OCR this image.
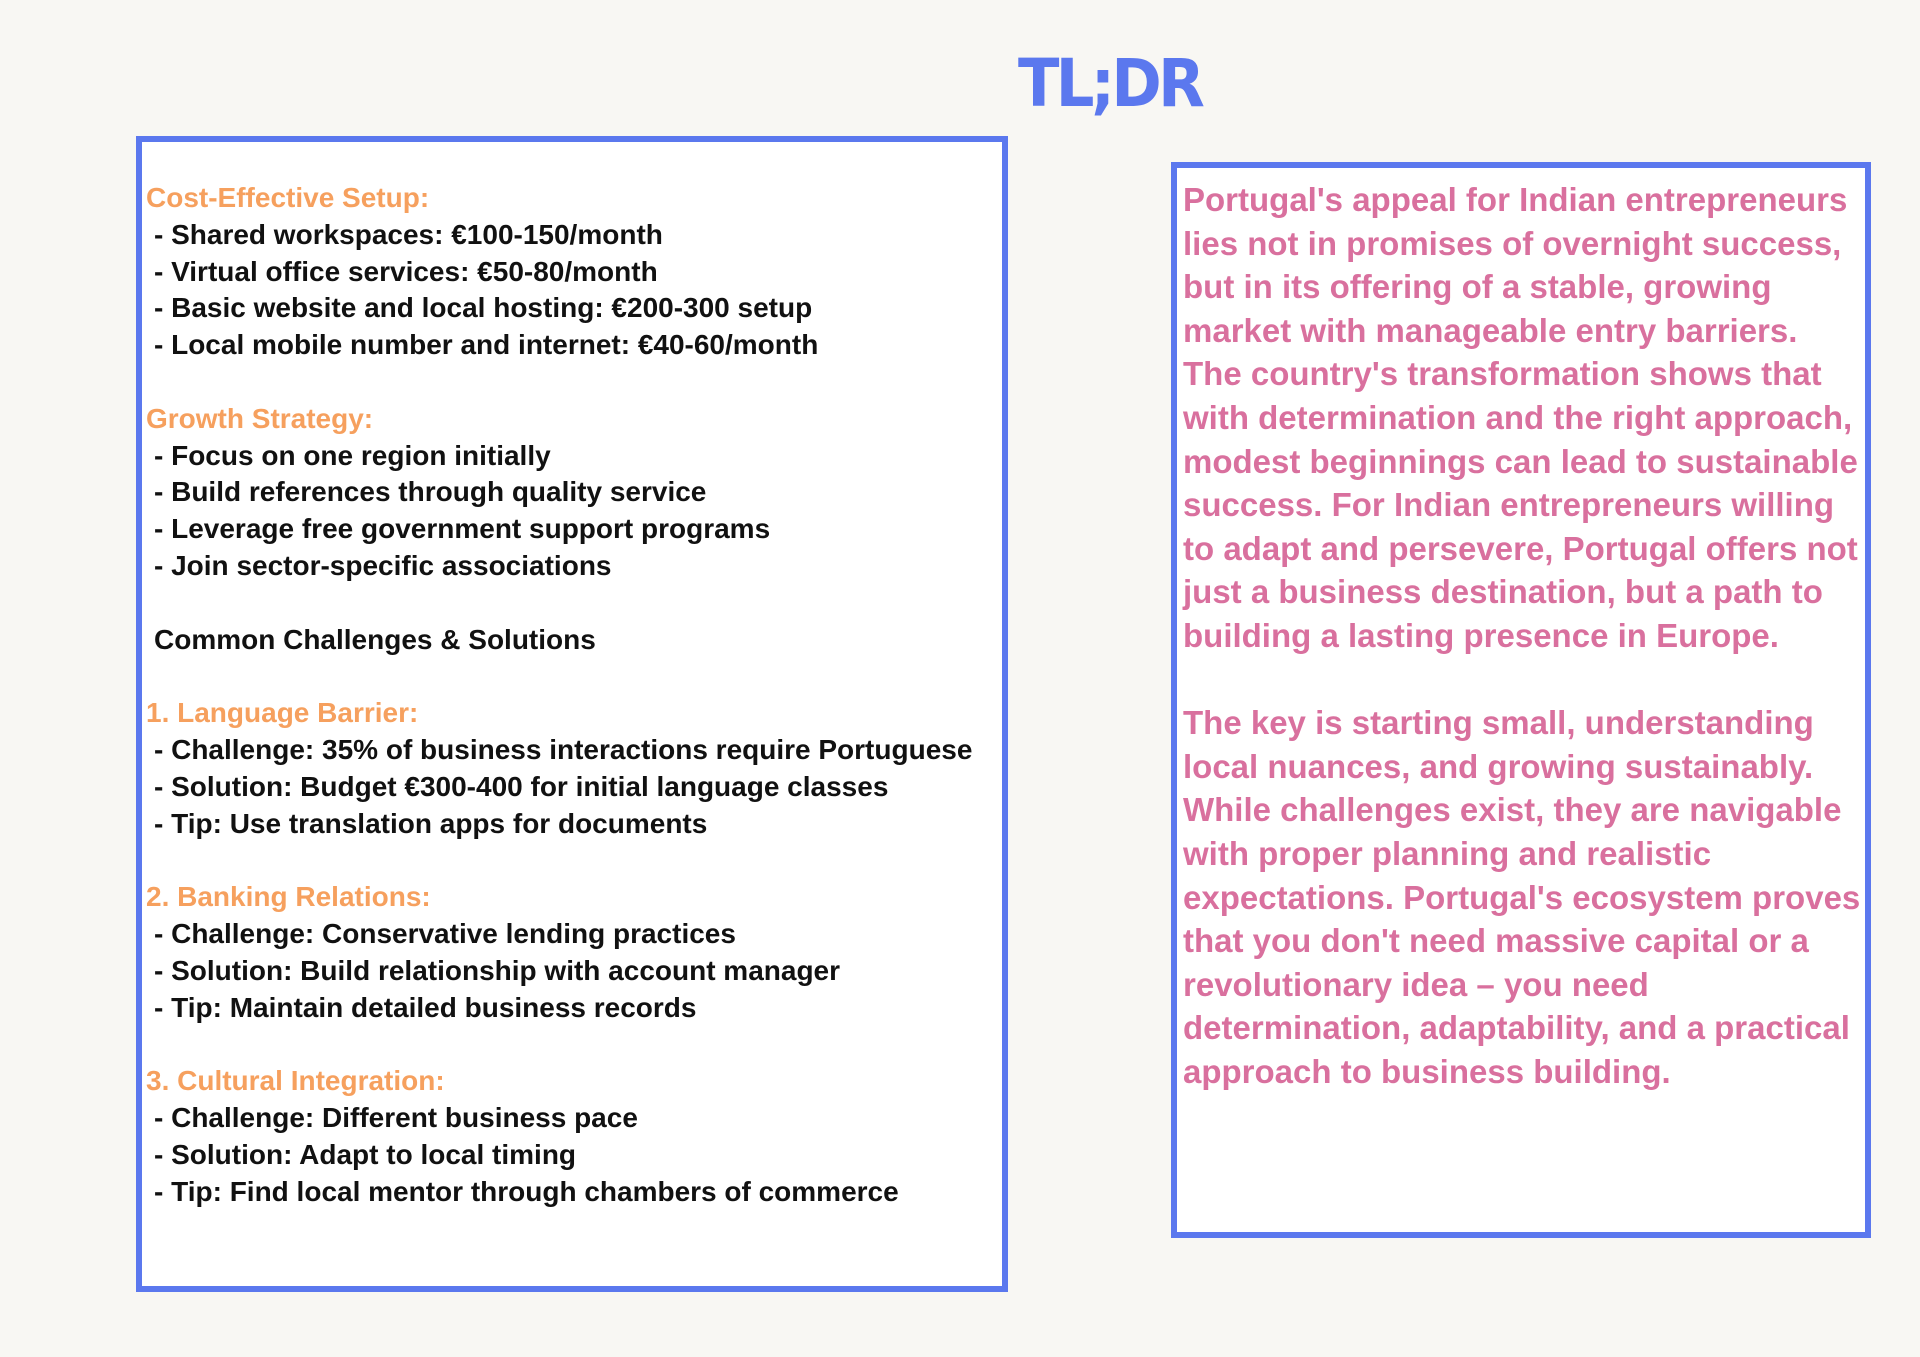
TL;DR
Cost-Effective Setup:
- Shared workspaces: €100-150/month
- Virtual office services: €50-80/month
- Basic website and local hosting: €200-300 setup
- Local mobile number and internet: €40-60/month
Growth Strategy:
- Focus on one region initially
- Build references through quality service
- Leverage free government support programs
- Join sector-specific associations
Common Challenges & Solutions
1. Language Barrier:
- Challenge: 35% of business interactions require Portuguese
- Solution: Budget €300-400 for initial language classes
- Tip: Use translation apps for documents
2. Banking Relations:
- Challenge: Conservative lending practices
- Solution: Build relationship with account manager
- Tip: Maintain detailed business records
3. Cultural Integration:
- Challenge: Different business pace
- Solution: Adapt to local timing
- Tip: Find local mentor through chambers of commerce

Portugal's appeal for Indian entrepreneurs lies not in promises of overnight success, but in its offering of a stable, growing market with manageable entry barriers. The country's transformation shows that with determination and the right approach, modest beginnings can lead to sustainable success. For Indian entrepreneurs willing to adapt and persevere, Portugal offers not just a business destination, but a path to building a lasting presence in Europe.

The key is starting small, understanding local nuances, and growing sustainably. While challenges exist, they are navigable with proper planning and realistic expectations. Portugal's ecosystem proves that you don't need massive capital or a revolutionary idea – you need determination, adaptability, and a practical approach to business building.
